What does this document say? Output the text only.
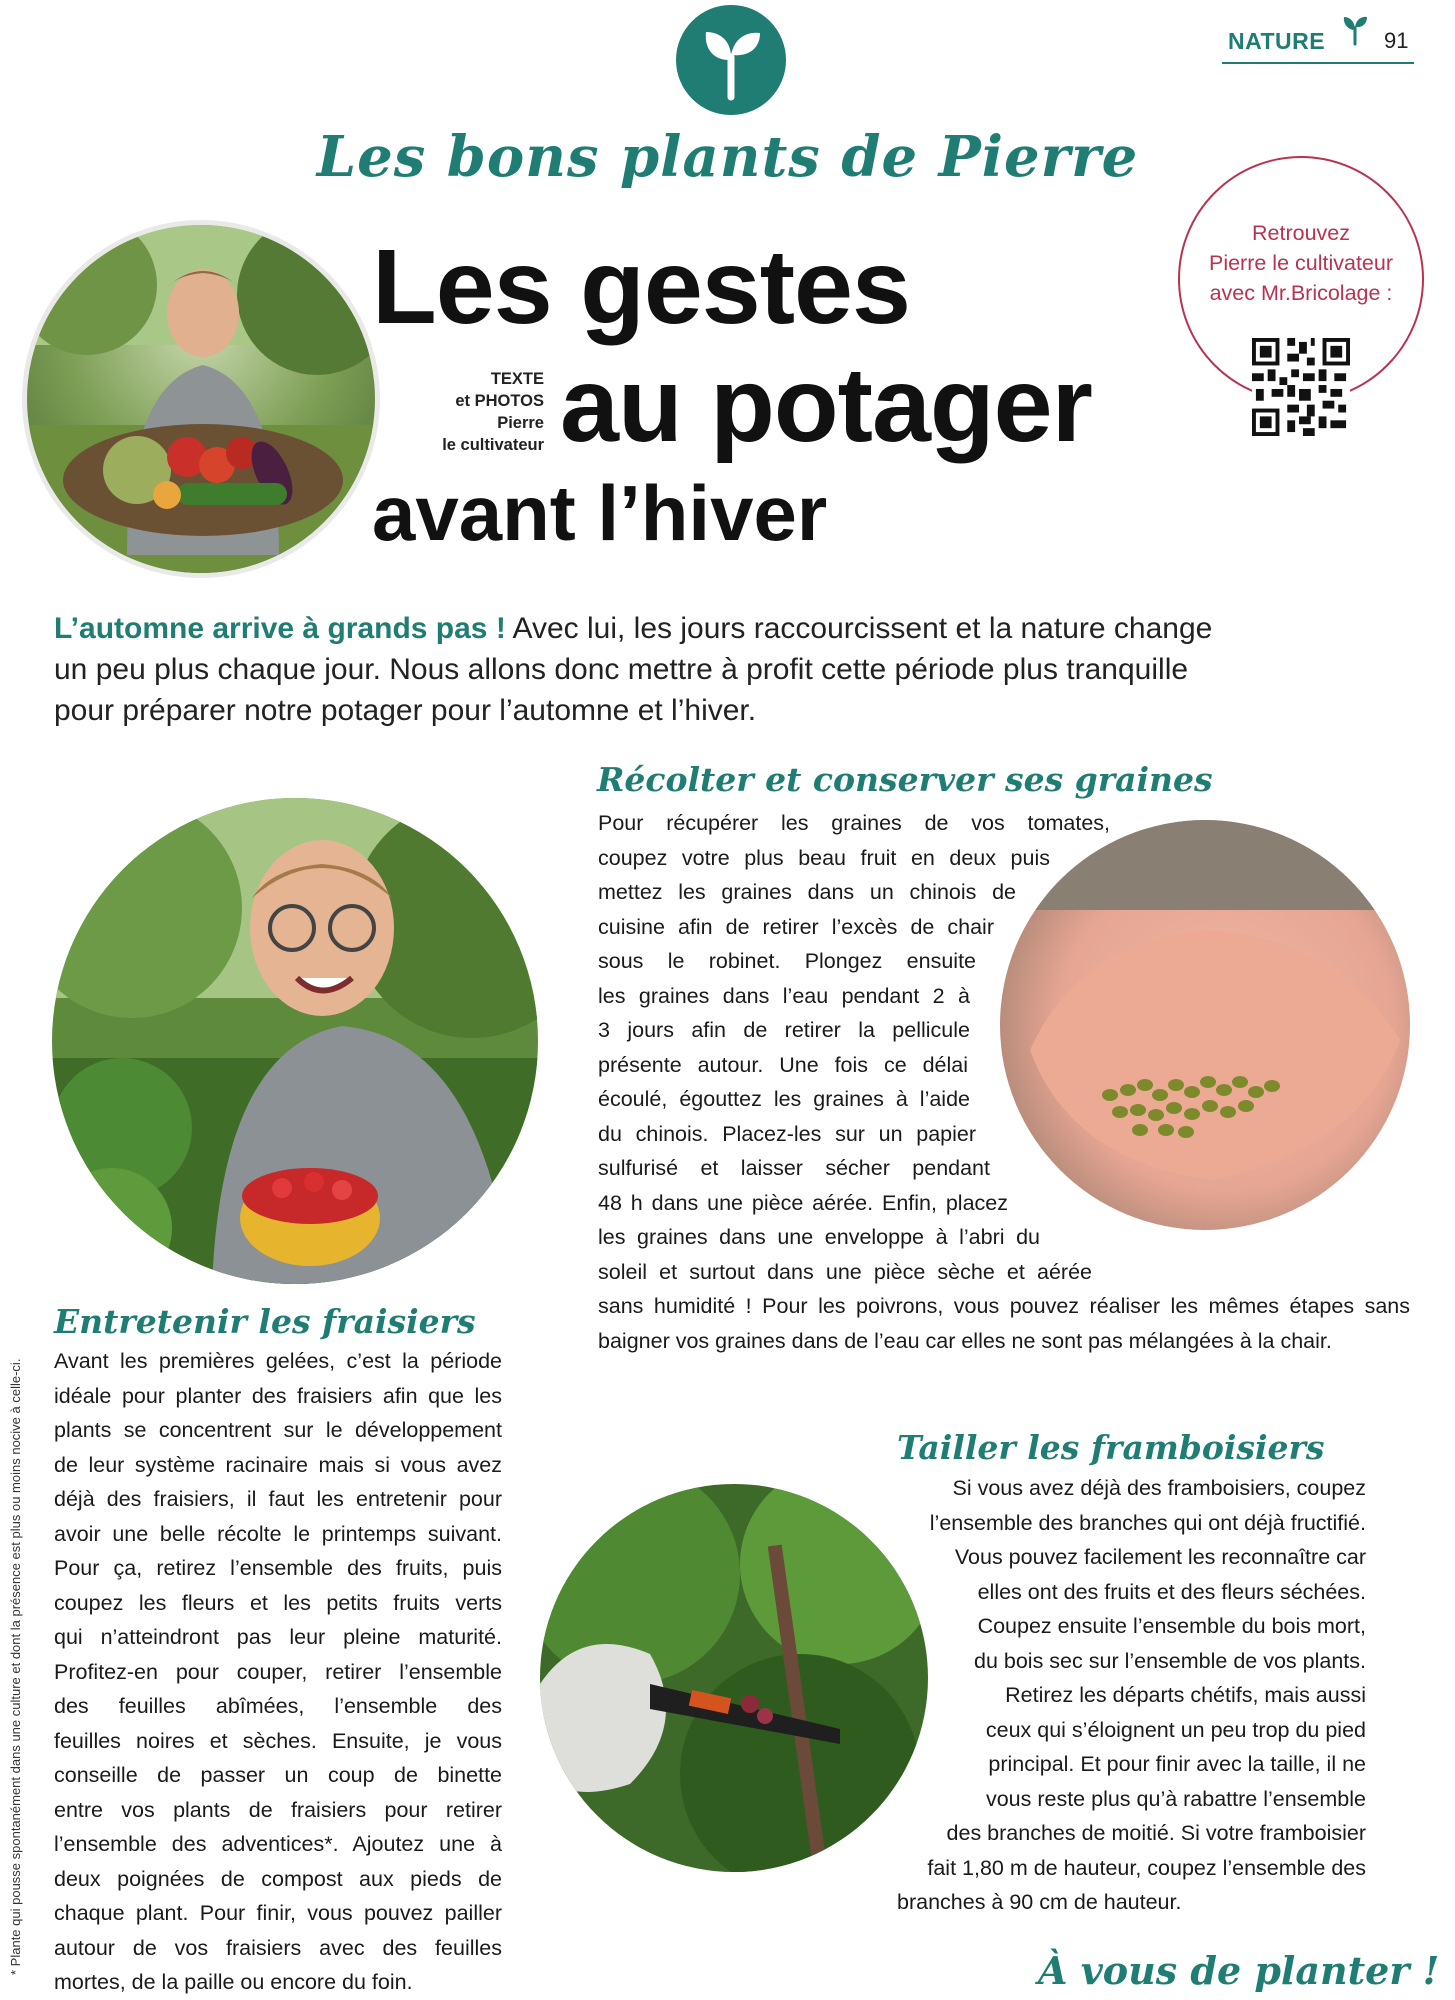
NATURE	91
Les bons plants de Pierre
Retrouvez
Pierre le cultivateur
avec Mr.Bricolage :
Les gestes
au potager
avant l’hiver
TEXTE
et PHOTOS
Pierre
le cultivateur
L’automne arrive à grands pas ! Avec lui, les jours raccourcissent et la nature change
un peu plus chaque jour. Nous allons donc mettre à profit cette période plus tranquille
pour préparer notre potager pour l’automne et l’hiver.
Récolter et conserver ses graines
Pour récupérer les graines de vos tomates,
coupez votre plus beau fruit en deux puis
mettez les graines dans un chinois de
cuisine afin de retirer l’excès de chair
sous le robinet. Plongez ensuite
les graines dans l’eau pendant 2 à
3 jours afin de retirer la pellicule
présente autour. Une fois ce délai
écoulé, égouttez les graines à l’aide
du chinois. Placez-les sur un papier
sulfurisé et laisser sécher pendant
48 h dans une pièce aérée. Enfin, placez
les graines dans une enveloppe à l’abri du
soleil et surtout dans une pièce sèche et aérée
sans humidité ! Pour les poivrons, vous pouvez réaliser les mêmes étapes sans
baigner vos graines dans de l’eau car elles ne sont pas mélangées à la chair.
Entretenir les fraisiers
Avant les premières gelées, c’est la période
idéale pour planter des fraisiers afin que les
plants se concentrent sur le développement
de leur système racinaire mais si vous avez
déjà des fraisiers, il faut les entretenir pour
avoir une belle récolte le printemps suivant.
Pour ça, retirez l’ensemble des fruits, puis
coupez les fleurs et les petits fruits verts
qui n’atteindront pas leur pleine maturité.
Profitez-en pour couper, retirer l’ensemble
des feuilles abîmées, l’ensemble des
feuilles noires et sèches. Ensuite, je vous
conseille de passer un coup de binette
entre vos plants de fraisiers pour retirer
l’ensemble des adventices*. Ajoutez une à
deux poignées de compost aux pieds de
chaque plant. Pour finir, vous pouvez pailler
autour de vos fraisiers avec des feuilles
mortes, de la paille ou encore du foin.
* Plante qui pousse spontanément dans une culture et dont la présence est plus ou moins nocive à celle-ci.	Tailler les framboisiers
Si vous avez déjà des framboisiers, coupez
l’ensemble des branches qui ont déjà fructifié.
Vous pouvez facilement les reconnaître car
elles ont des fruits et des fleurs séchées.
Coupez ensuite l’ensemble du bois mort,
du bois sec sur l’ensemble de vos plants.
Retirez les départs chétifs, mais aussi
ceux qui s’éloignent un peu trop du pied
principal. Et pour finir avec la taille, il ne
vous reste plus qu’à rabattre l’ensemble
des branches de moitié. Si votre framboisier
fait 1,80 m de hauteur, coupez l’ensemble des
branches à 90 cm de hauteur.
À vous de planter !
